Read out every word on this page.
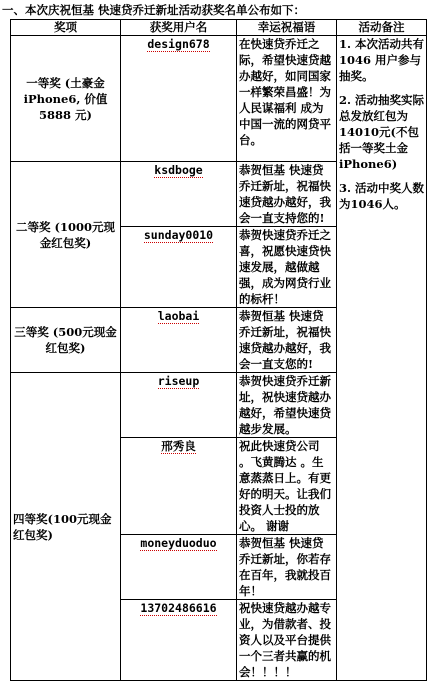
一、本次庆祝恒基 快速贷乔迁新址活动获奖名单公布如下：
奖项	获奖用户名	幸运祝福语	活动备注
一等奖 (土豪金 iPhone6, 价值 5888 元)	design678	在快速贷乔迁之际，希望快速贷越办越好，如同国家一样繁荣昌盛！为人民谋福利 成为中国一流的网贷平台。	1. 本次活动共有 1046 用户参与抽奖。

2. 活动抽奖实际总发放红包为14010元(不包括一等奖土金 iPhone6)

3. 活动中奖人数为1046人。

二等奖 (1000元现金红包奖)	ksdboge	恭贺恒基 快速贷乔迁新址，祝福快速贷越办越好，我会一直支持您的!	
	sunday0010	恭贺快速贷乔迁之喜，祝愿快速贷快速发展，越做越强，成为网贷行业的标杆！	
三等奖 (500元现金红包奖)	laobai	恭贺恒基 快速贷乔迁新址，祝福快速贷越办越好，我会一直支您的!	
四等奖(100元现金红包奖)	riseup	恭贺快速贷乔迁新址，祝快速贷越办越好，希望快速贷越步发展。	
	邢秀良	祝此快速贷公司 。飞黄腾达 。生意蒸蒸日上。有更好的明天。让我们投资人士投的放心。 谢谢	
	moneyduoduo	恭贺恒基 快速贷乔迁新址，你若存在百年，我就投百年！	
	13702486616	祝快速贷越办越专业，为借款者、投资人以及平台提供一个三者共赢的机会！！！！	
